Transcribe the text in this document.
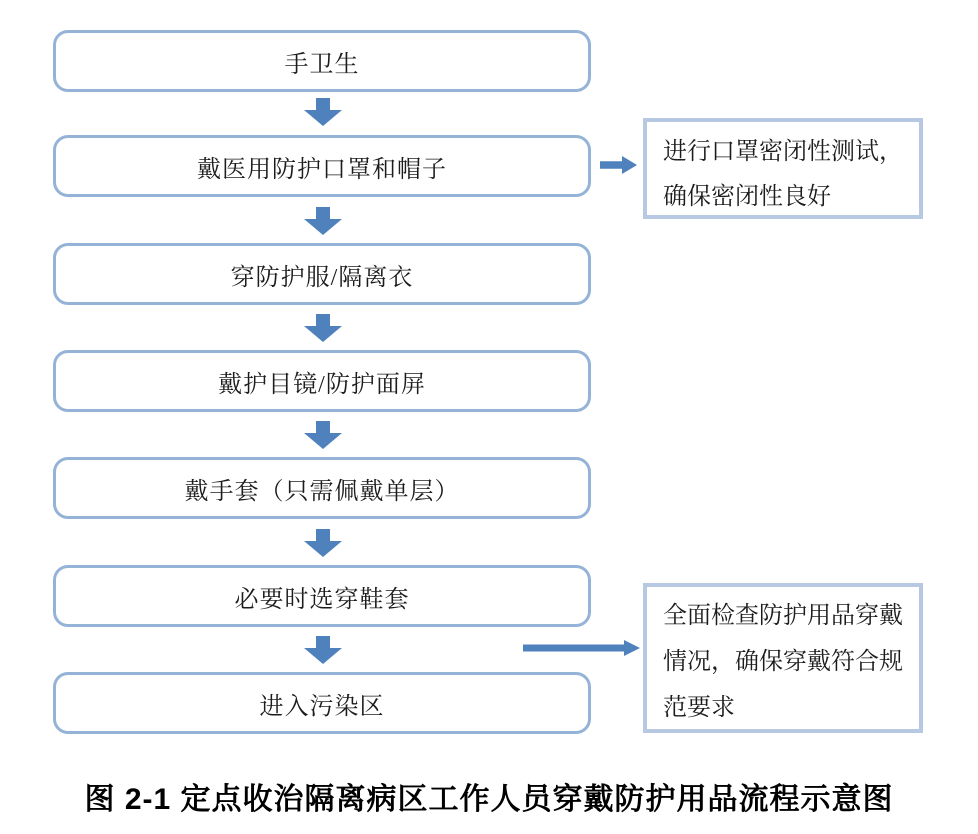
手卫生
戴医用防护口罩和帽子
穿防护服/隔离衣
戴护目镜/防护面屏
戴手套（只需佩戴单层）
必要时选穿鞋套
进入污染区
进行口罩密闭性测试，
确保密闭性良好
全面检查防护用品穿戴
情况，确保穿戴符合规
范要求
图 2-1 定点收治隔离病区工作人员穿戴防护用品流程示意图
